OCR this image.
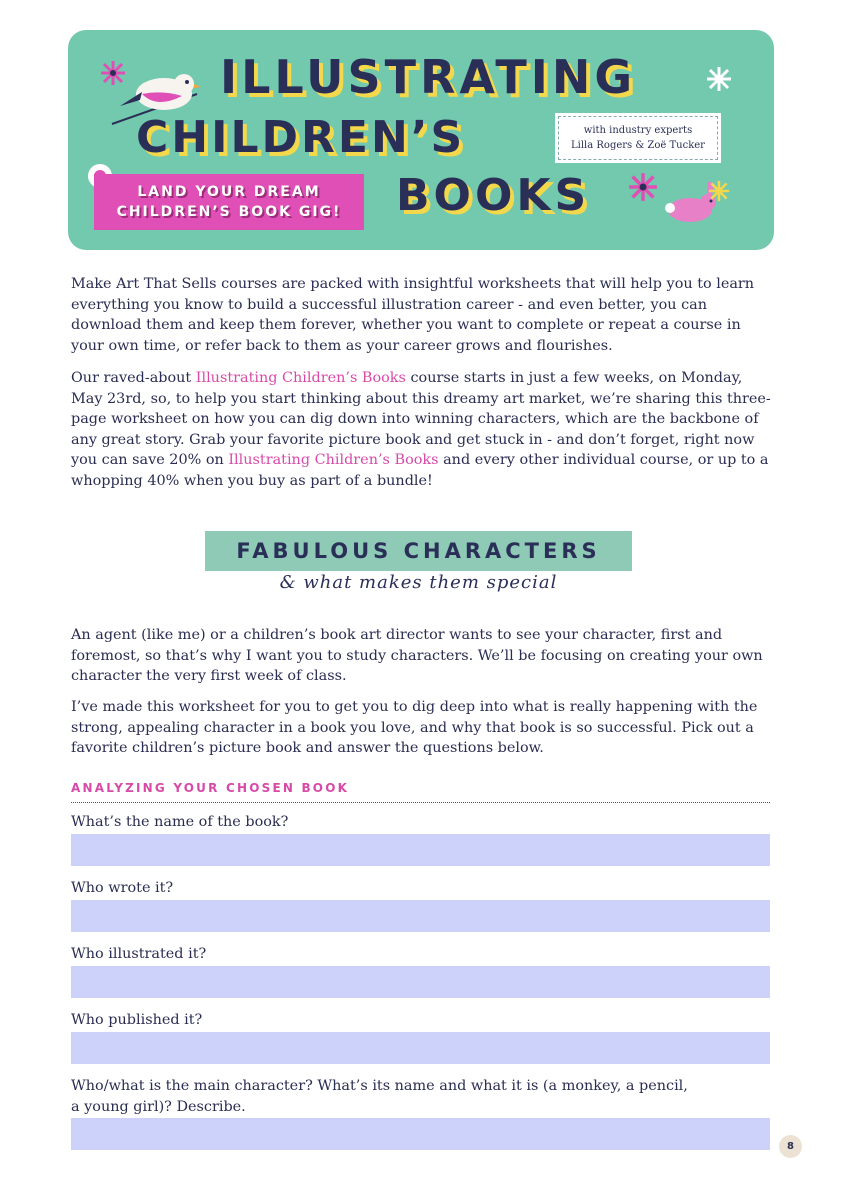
ILLUSTRATING
CHILDREN’S
BOOKS
with industry experts
Lilla Rogers & Zoë Tucker
LAND YOUR DREAM
CHILDREN’S BOOK GIG!

Make Art That Sells courses are packed with insightful worksheets that will help you to learn everything you know to build a successful illustration career - and even better, you can download them and keep them forever, whether you want to complete or repeat a course in your own time, or refer back to them as your career grows and flourishes.

Our raved-about Illustrating Children’s Books course starts in just a few weeks, on Monday, May 23rd, so, to help you start thinking about this dreamy art market, we’re sharing this three-page worksheet on how you can dig down into winning characters, which are the backbone of any great story. Grab your favorite picture book and get stuck in - and don’t forget, right now you can save 20% on Illustrating Children’s Books and every other individual course, or up to a whopping 40% when you buy as part of a bundle!

FABULOUS CHARACTERS
& what makes them special

An agent (like me) or a children’s book art director wants to see your character, first and foremost, so that’s why I want you to study characters. We’ll be focusing on creating your own character the very first week of class.

I’ve made this worksheet for you to get you to dig deep into what is really happening with the strong, appealing character in a book you love, and why that book is so successful. Pick out a favorite children’s picture book and answer the questions below.

ANALYZING YOUR CHOSEN BOOK
What’s the name of the book?
Who wrote it?
Who illustrated it?
Who published it?
Who/what is the main character? What’s its name and what it is (a monkey, a pencil, a young girl)? Describe.
8
